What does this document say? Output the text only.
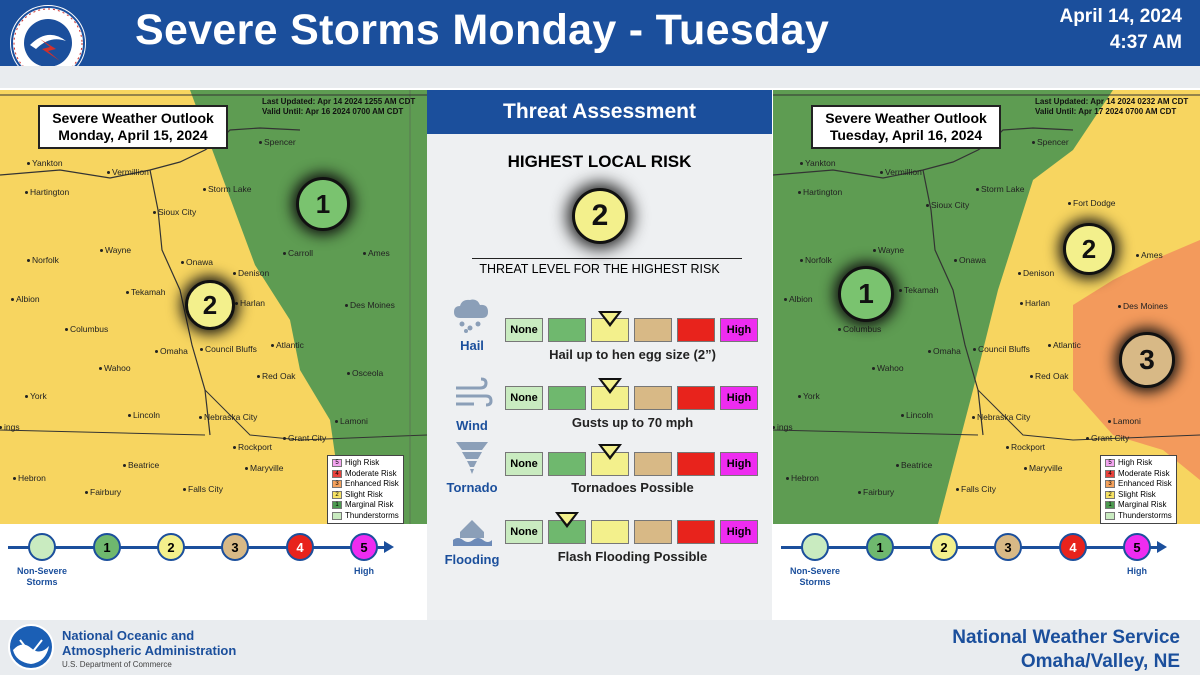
Severe Storms Monday - Tuesday	April 14, 2024
4:37 AM
Severe Weather Outlook
Monday, April 15, 2024
Last Updated: Apr 14 2024 1255 AM CDT
Valid Until: Apr 16 2024 0700 AM CDT
Yankton
Vermillion
Spencer
Hartington	Storm Lake
Sioux City
Wayne
Norfolk	Onawa
Carroll	Ames
Denison
Tekamah
Albion	Harlan	Des Moines
Columbus
Atlantic
Omaha Council Bluffs
Osceola
Wahoo
Red Oak
York
Lincoln
Lamoni
Nebraska City
Grant City
ings
Rockport
Beatrice	Maryville
Hebron
Fairbury	Falls City
1
2
5 High Risk
4 Moderate Risk
3 Enhanced Risk
2 Slight Risk
1 Marginal Risk
Thunderstorms
Severe Weather Outlook
Tuesday, April 16, 2024
Last Updated: Apr 14 2024 0232 AM CDT
Valid Until: Apr 17 2024 0700 AM CDT
Yankton
Vermillion
Spencer
Hartington	Storm Lake
Sioux City	Fort Dodge
Wayne
Norfolk	Onawa	Ames
Denison
Tekamah
Albion	Harlan	Des Moines
Columbus
Atlantic
Omaha Council Bluffs
Wahoo
Red Oak
York
Lincoln
Lamoni
Nebraska City
Grant City
ings
Rockport
Beatrice	Maryville
Hebron
Fairbury	Falls City
1
2
3
5 High Risk
4 Moderate Risk
3 Enhanced Risk
2 Slight Risk
1 Marginal Risk
Thunderstorms
Threat Assessment
HIGHEST LOCAL RISK
2
THREAT LEVEL FOR THE HIGHEST RISK
Hail
None	High
Hail up to hen egg size (2”)
Wind
None	High
Gusts up to 70 mph
Tornado
None	High
Tornadoes Possible
Flooding
None	High
Flash Flooding Possible
1	2	3	4	5
Non-Severe
Storms
High
1	2	3	4	5
Non-Severe
Storms
High
National Oceanic and
Atmospheric Administration
U.S. Department of Commerce
National Weather Service
Omaha/Valley, NE
